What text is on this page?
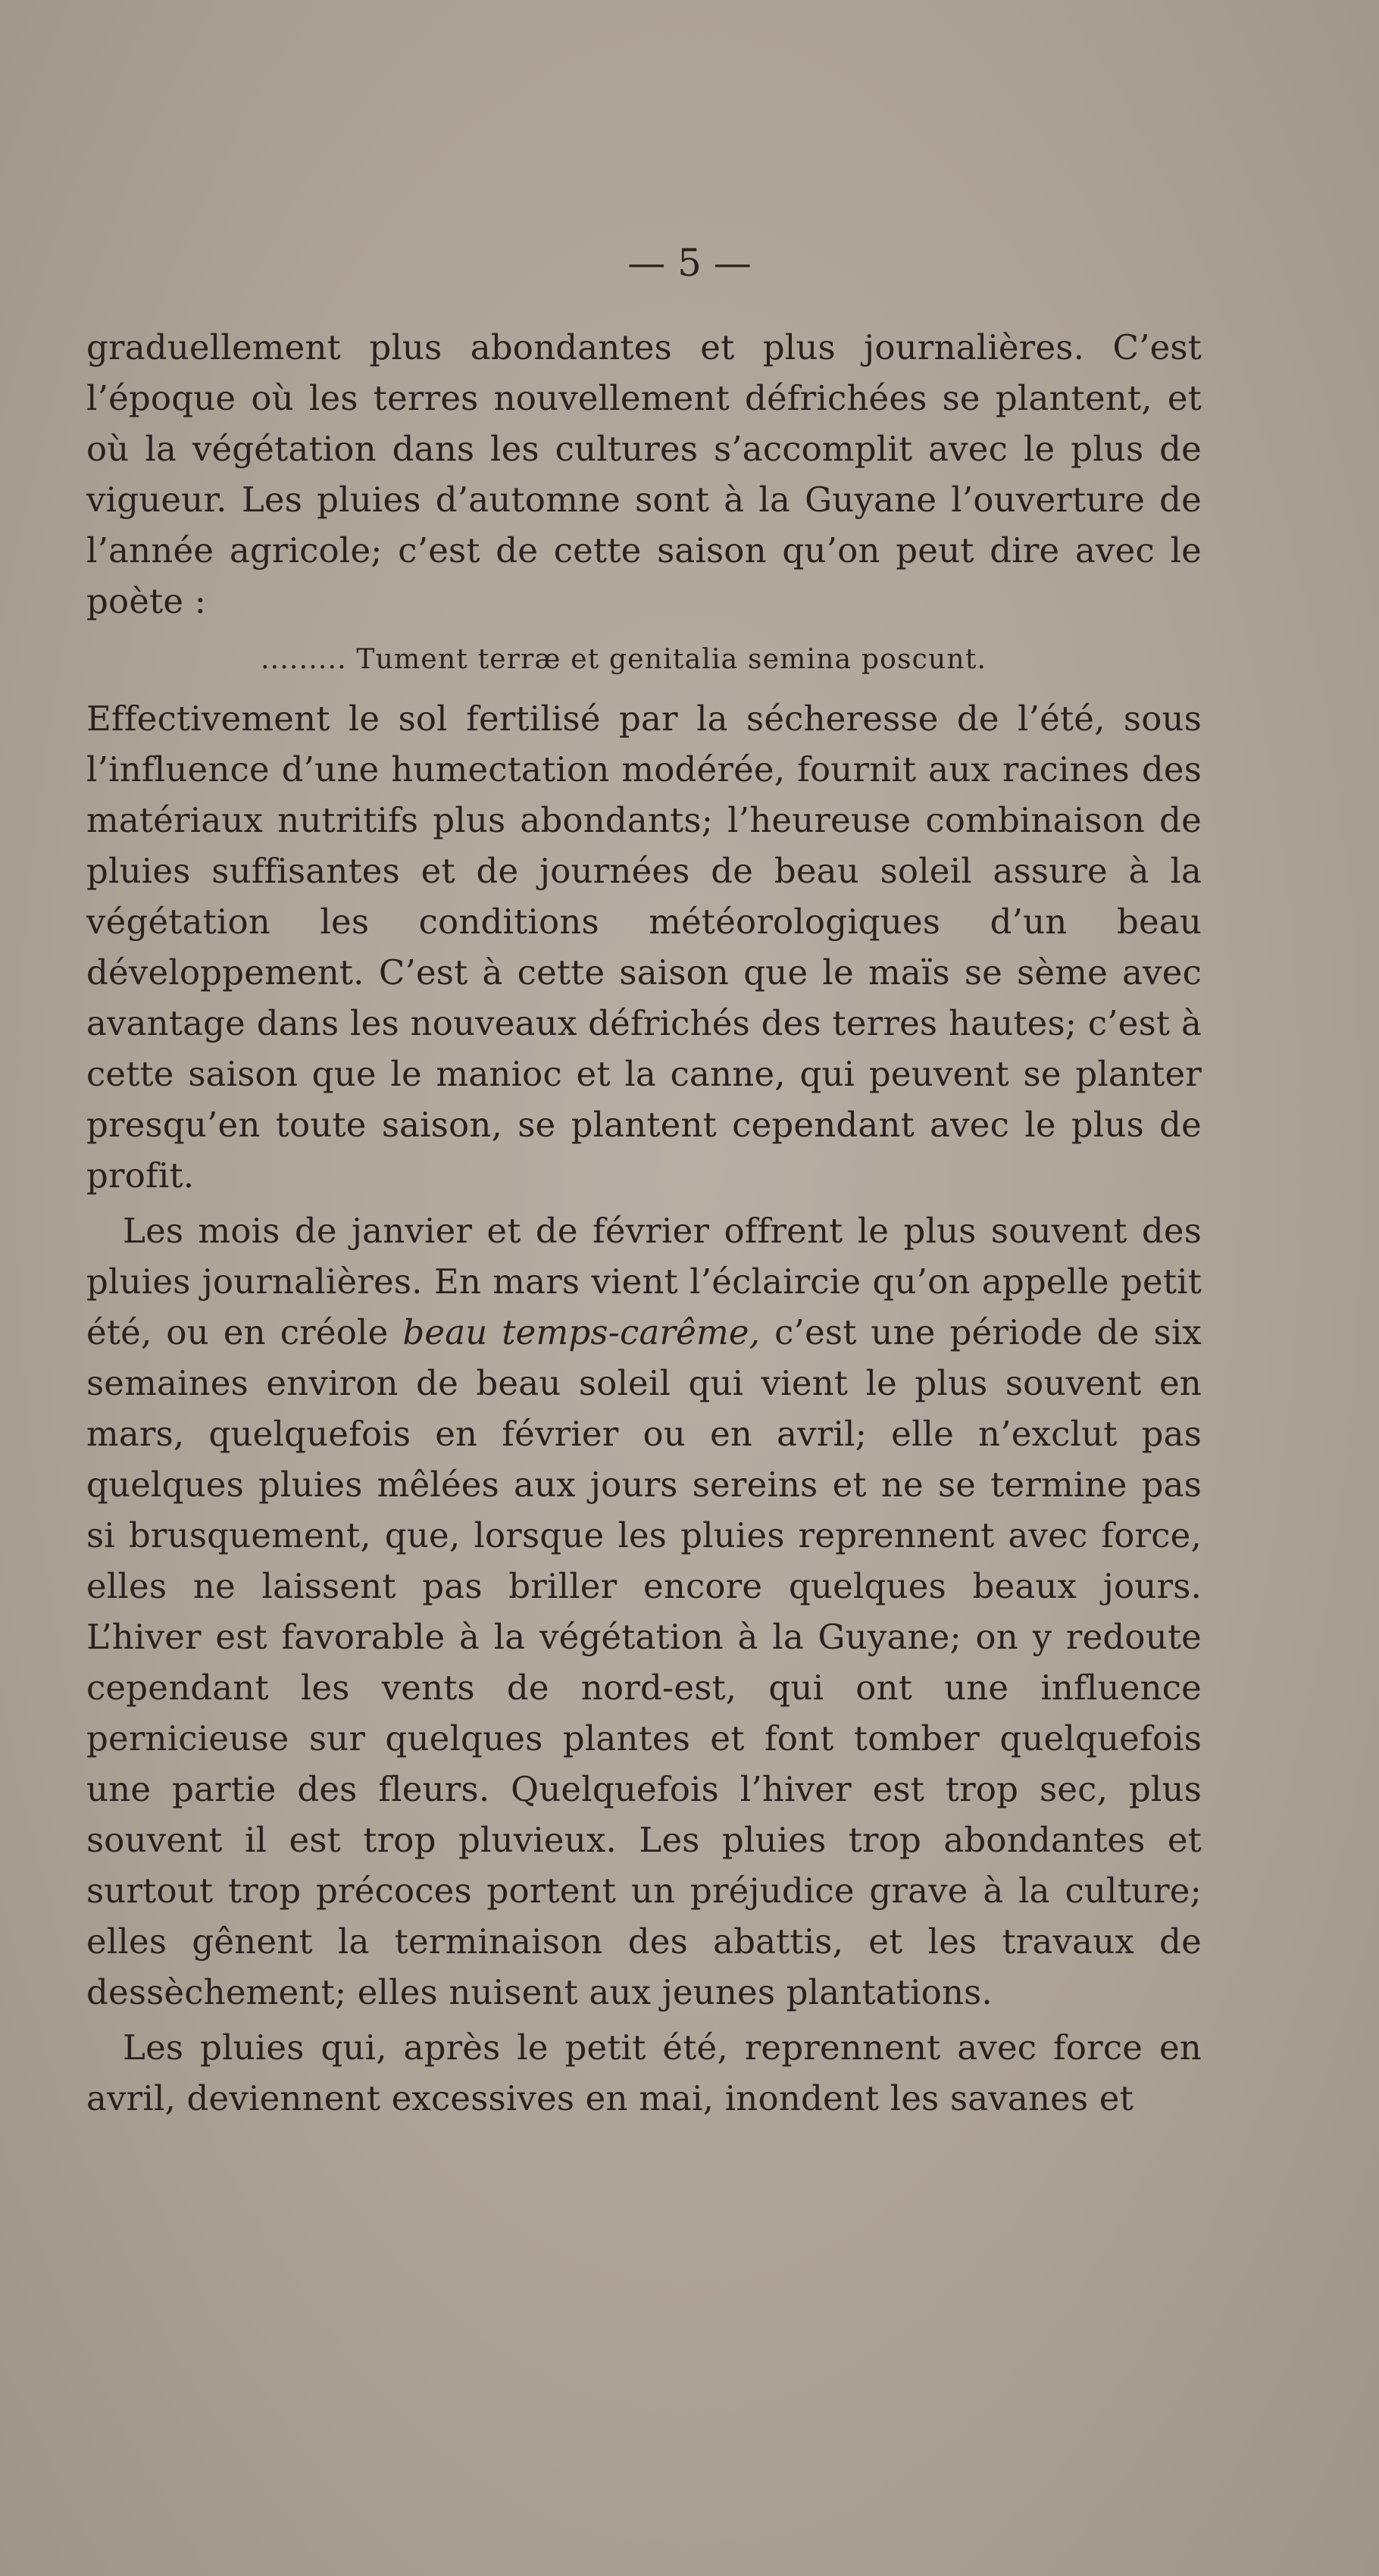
— 5 —

graduellement plus abondantes et plus journalières. C’est l’époque où les terres nouvellement défrichées se plantent, et où la végétation dans les cultures s’accomplit avec le plus de vigueur. Les pluies d’automne sont à la Guyane l’ouverture de l’année agricole; c’est de cette saison qu’on peut dire avec le poète :

......... Tument terræ et genitalia semina poscunt.

Effectivement le sol fertilisé par la sécheresse de l’été, sous l’influence d’une humectation modérée, fournit aux racines des matériaux nutritifs plus abondants; l’heureuse combinaison de pluies suffisantes et de journées de beau soleil assure à la végétation les conditions météorologiques d’un beau développement. C’est à cette saison que le maïs se sème avec avantage dans les nouveaux défrichés des terres hautes; c’est à cette saison que le manioc et la canne, qui peuvent se planter presqu’en toute saison, se plantent cependant avec le plus de profit.

Les mois de janvier et de février offrent le plus souvent des pluies journalières. En mars vient l’éclaircie qu’on appelle petit été, ou en créole beau temps-carême, c’est une période de six semaines environ de beau soleil qui vient le plus souvent en mars, quelquefois en février ou en avril; elle n’exclut pas quelques pluies mêlées aux jours sereins et ne se termine pas si brusquement, que, lorsque les pluies reprennent avec force, elles ne laissent pas briller encore quelques beaux jours. L’hiver est favorable à la végétation à la Guyane; on y redoute cependant les vents de nord-est, qui ont une influence pernicieuse sur quelques plantes et font tomber quelquefois une partie des fleurs. Quelquefois l’hiver est trop sec, plus souvent il est trop pluvieux. Les pluies trop abondantes et surtout trop précoces portent un préjudice grave à la culture; elles gênent la terminaison des abattis, et les travaux de dessèchement; elles nuisent aux jeunes plantations.

Les pluies qui, après le petit été, reprennent avec force en avril, deviennent excessives en mai, inondent les savanes et
